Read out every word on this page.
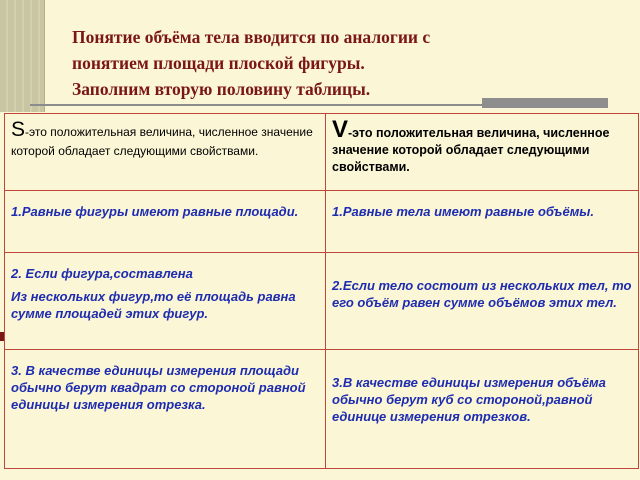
Понятие объёма тела вводится по аналогии с
понятием площади плоской фигуры.
Заполним вторую половину таблицы.
S-это положительная величина, численное значение которой обладает следующими свойствами.	V-это положительная величина, численное значение которой обладает следующими свойствами.

1.Равные фигуры имеют равные площади.	1.Равные тела имеют равные объёмы.

2. Если фигура,составлена

Из нескольких фигур,то её площадь равна сумме площадей этих фигур.	2.Если тело состоит из нескольких тел, то его объём равен сумме объёмов этих тел.

3. В качестве единицы измерения площади обычно берут квадрат со стороной равной единицы измерения отрезка.	3.В качестве единицы измерения объёма обычно берут куб со стороной,равной единице измерения отрезков.
